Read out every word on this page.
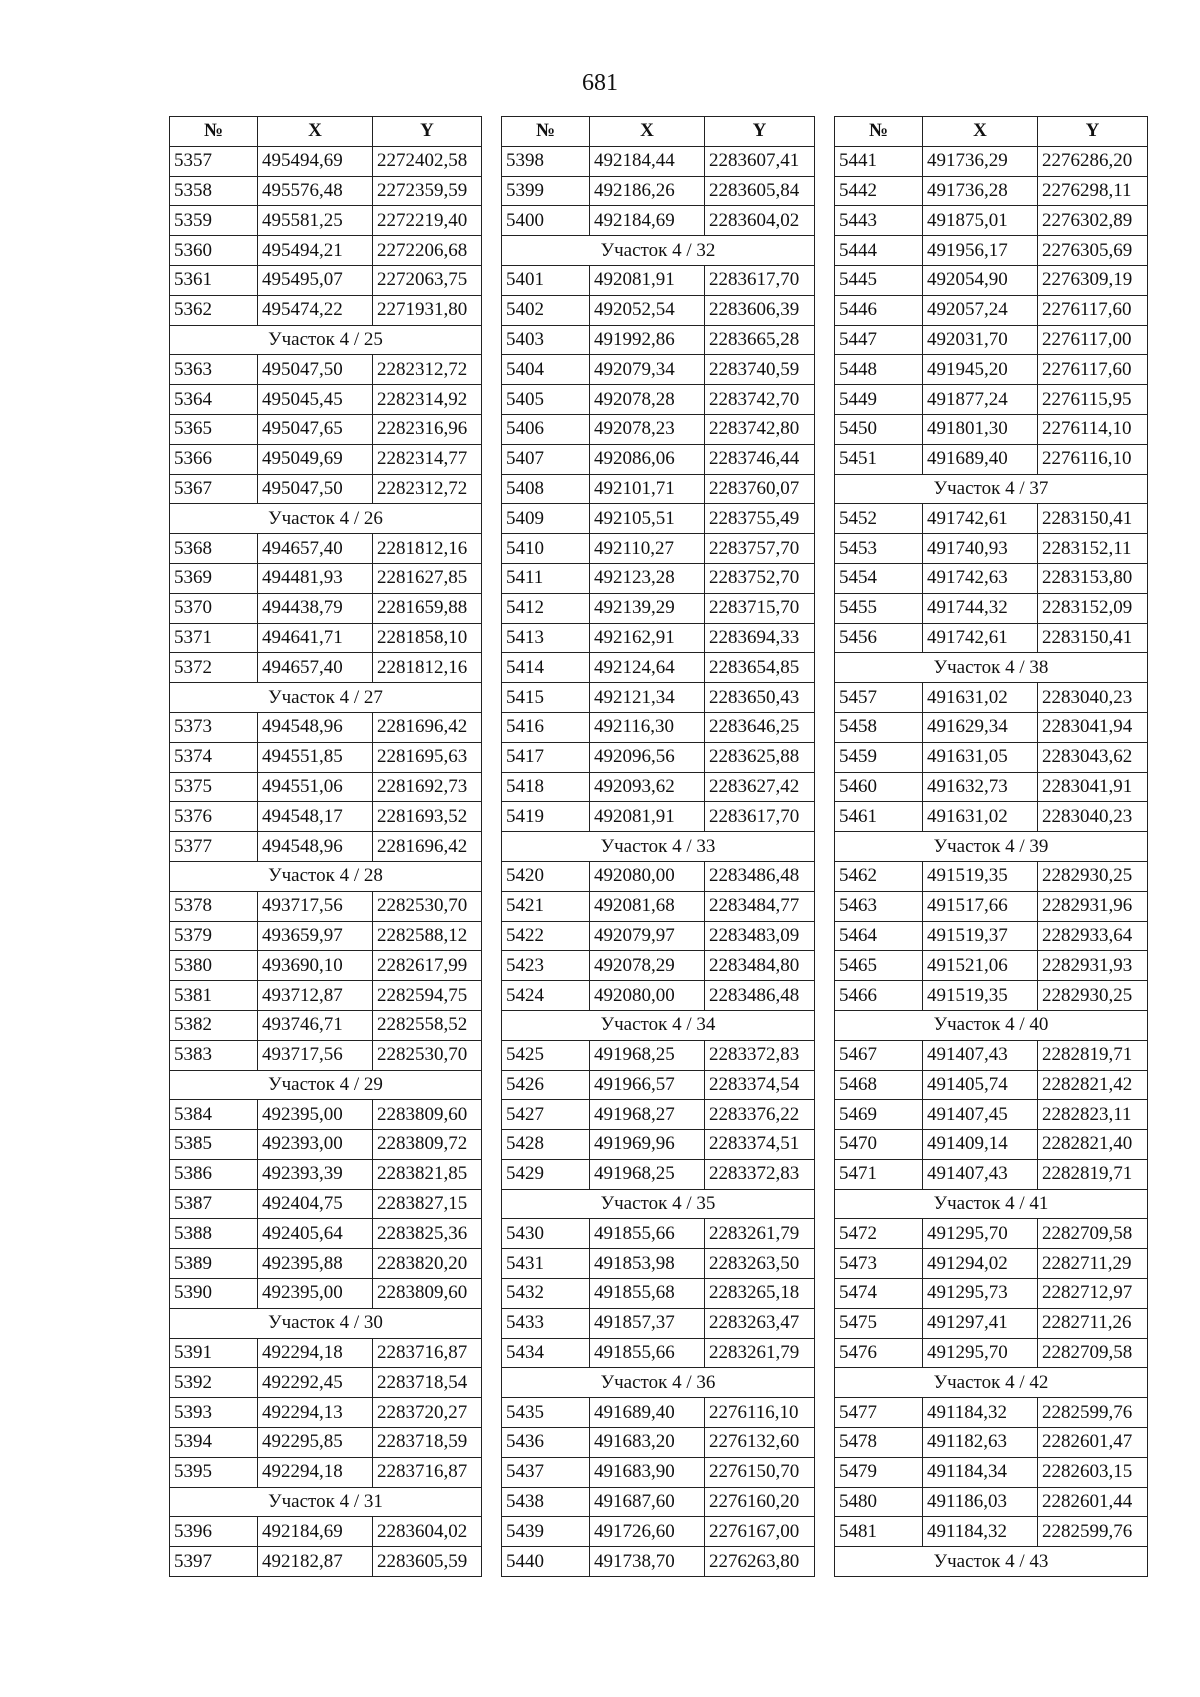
681
№	X	Y
5357	495494,69	2272402,58
5358	495576,48	2272359,59
5359	495581,25	2272219,40
5360	495494,21	2272206,68
5361	495495,07	2272063,75
5362	495474,22	2271931,80
Участок 4 / 25		
5363	495047,50	2282312,72
5364	495045,45	2282314,92
5365	495047,65	2282316,96
5366	495049,69	2282314,77
5367	495047,50	2282312,72
Участок 4 / 26		
5368	494657,40	2281812,16
5369	494481,93	2281627,85
5370	494438,79	2281659,88
5371	494641,71	2281858,10
5372	494657,40	2281812,16
Участок 4 / 27		
5373	494548,96	2281696,42
5374	494551,85	2281695,63
5375	494551,06	2281692,73
5376	494548,17	2281693,52
5377	494548,96	2281696,42
Участок 4 / 28		
5378	493717,56	2282530,70
5379	493659,97	2282588,12
5380	493690,10	2282617,99
5381	493712,87	2282594,75
5382	493746,71	2282558,52
5383	493717,56	2282530,70
Участок 4 / 29		
5384	492395,00	2283809,60
5385	492393,00	2283809,72
5386	492393,39	2283821,85
5387	492404,75	2283827,15
5388	492405,64	2283825,36
5389	492395,88	2283820,20
5390	492395,00	2283809,60
Участок 4 / 30		
5391	492294,18	2283716,87
5392	492292,45	2283718,54
5393	492294,13	2283720,27
5394	492295,85	2283718,59
5395	492294,18	2283716,87
Участок 4 / 31		
5396	492184,69	2283604,02
5397	492182,87	2283605,59
№	X	Y
5398	492184,44	2283607,41
5399	492186,26	2283605,84
5400	492184,69	2283604,02
Участок 4 / 32		
5401	492081,91	2283617,70
5402	492052,54	2283606,39
5403	491992,86	2283665,28
5404	492079,34	2283740,59
5405	492078,28	2283742,70
5406	492078,23	2283742,80
5407	492086,06	2283746,44
5408	492101,71	2283760,07
5409	492105,51	2283755,49
5410	492110,27	2283757,70
5411	492123,28	2283752,70
5412	492139,29	2283715,70
5413	492162,91	2283694,33
5414	492124,64	2283654,85
5415	492121,34	2283650,43
5416	492116,30	2283646,25
5417	492096,56	2283625,88
5418	492093,62	2283627,42
5419	492081,91	2283617,70
Участок 4 / 33		
5420	492080,00	2283486,48
5421	492081,68	2283484,77
5422	492079,97	2283483,09
5423	492078,29	2283484,80
5424	492080,00	2283486,48
Участок 4 / 34		
5425	491968,25	2283372,83
5426	491966,57	2283374,54
5427	491968,27	2283376,22
5428	491969,96	2283374,51
5429	491968,25	2283372,83
Участок 4 / 35		
5430	491855,66	2283261,79
5431	491853,98	2283263,50
5432	491855,68	2283265,18
5433	491857,37	2283263,47
5434	491855,66	2283261,79
Участок 4 / 36		
5435	491689,40	2276116,10
5436	491683,20	2276132,60
5437	491683,90	2276150,70
5438	491687,60	2276160,20
5439	491726,60	2276167,00
5440	491738,70	2276263,80
№	X	Y
5441	491736,29	2276286,20
5442	491736,28	2276298,11
5443	491875,01	2276302,89
5444	491956,17	2276305,69
5445	492054,90	2276309,19
5446	492057,24	2276117,60
5447	492031,70	2276117,00
5448	491945,20	2276117,60
5449	491877,24	2276115,95
5450	491801,30	2276114,10
5451	491689,40	2276116,10
Участок 4 / 37		
5452	491742,61	2283150,41
5453	491740,93	2283152,11
5454	491742,63	2283153,80
5455	491744,32	2283152,09
5456	491742,61	2283150,41
Участок 4 / 38		
5457	491631,02	2283040,23
5458	491629,34	2283041,94
5459	491631,05	2283043,62
5460	491632,73	2283041,91
5461	491631,02	2283040,23
Участок 4 / 39		
5462	491519,35	2282930,25
5463	491517,66	2282931,96
5464	491519,37	2282933,64
5465	491521,06	2282931,93
5466	491519,35	2282930,25
Участок 4 / 40		
5467	491407,43	2282819,71
5468	491405,74	2282821,42
5469	491407,45	2282823,11
5470	491409,14	2282821,40
5471	491407,43	2282819,71
Участок 4 / 41		
5472	491295,70	2282709,58
5473	491294,02	2282711,29
5474	491295,73	2282712,97
5475	491297,41	2282711,26
5476	491295,70	2282709,58
Участок 4 / 42		
5477	491184,32	2282599,76
5478	491182,63	2282601,47
5479	491184,34	2282603,15
5480	491186,03	2282601,44
5481	491184,32	2282599,76
Участок 4 / 43		
